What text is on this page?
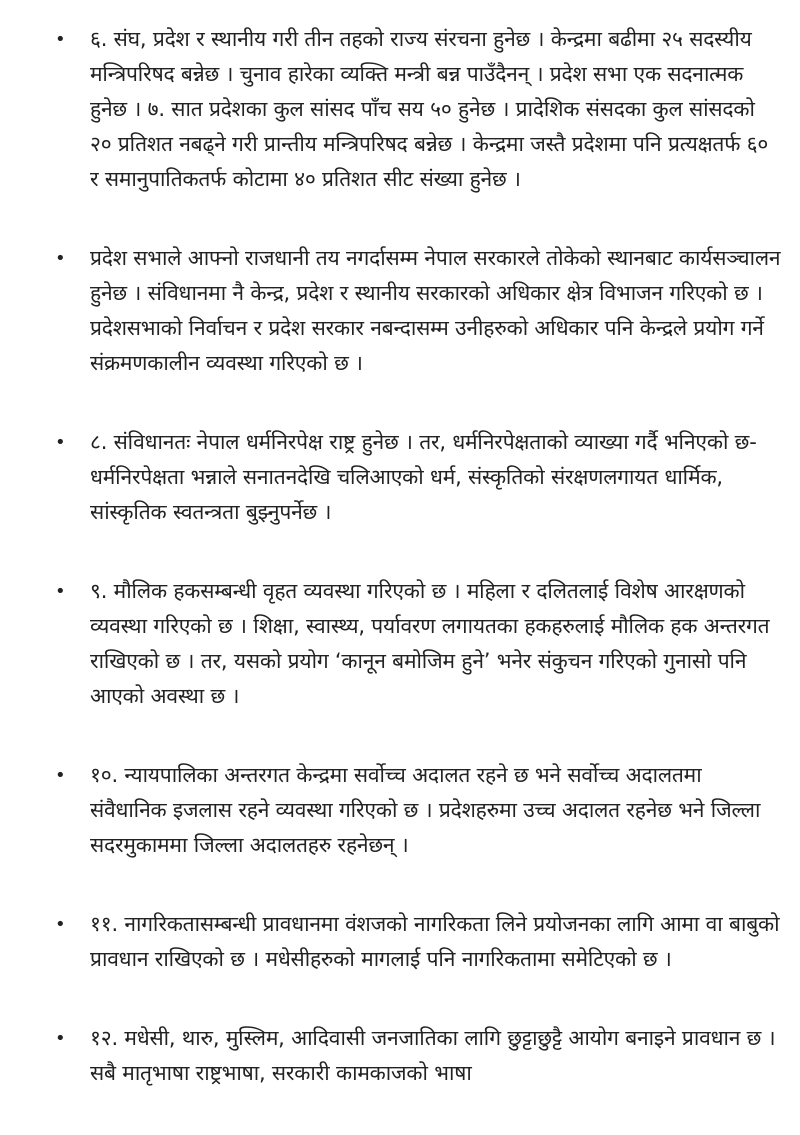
• ६. संघ, प्रदेश र स्थानीय गरी तीन तहको राज्य संरचना हुनेछ । केन्द्रमा बढीमा २५ सदस्यीय मन्त्रिपरिषद बन्नेछ । चुनाव हारेका व्यक्ति मन्त्री बन्न पाउँदैनन् । प्रदेश सभा एक सदनात्मक हुनेछ । ७. सात प्रदेशका कुल सांसद पाँच सय ५० हुनेछ । प्रादेशिक संसदका कुल सांसदको २० प्रतिशत नबढ्ने गरी प्रान्तीय मन्त्रिपरिषद बन्नेछ । केन्द्रमा जस्तै प्रदेशमा पनि प्रत्यक्षतर्फ ६० र समानुपातिकतर्फ कोटामा ४० प्रतिशत सीट संख्या हुनेछ ।
• प्रदेश सभाले आफ्नो राजधानी तय नगर्दासम्म नेपाल सरकारले तोकेको स्थानबाट कार्यसञ्चालन हुनेछ । संविधानमा नै केन्द्र, प्रदेश र स्थानीय सरकारको अधिकार क्षेत्र विभाजन गरिएको छ । प्रदेशसभाको निर्वाचन र प्रदेश सरकार नबन्दासम्म उनीहरुको अधिकार पनि केन्द्रले प्रयोग गर्ने संक्रमणकालीन व्यवस्था गरिएको छ ।
• ८. संविधानतः नेपाल धर्मनिरपेक्ष राष्ट्र हुनेछ । तर, धर्मनिरपेक्षताको व्याख्या गर्दै भनिएको छ- धर्मनिरपेक्षता भन्नाले सनातनदेखि चलिआएको धर्म, संस्कृतिको संरक्षणलगायत धार्मिक, सांस्कृतिक स्वतन्त्रता बुझ्नुपर्नेछ ।
• ९. मौलिक हकसम्बन्धी वृहत व्यवस्था गरिएको छ । महिला र दलितलाई विशेष आरक्षणको व्यवस्था गरिएको छ । शिक्षा, स्वास्थ्य, पर्यावरण लगायतका हकहरुलाई मौलिक हक अन्तरगत राखिएको छ । तर, यसको प्रयोग ‘कानून बमोजिम हुने’ भनेर संकुचन गरिएको गुनासो पनि आएको अवस्था छ ।
• १०. न्यायपालिका अन्तरगत केन्द्रमा सर्वोच्च अदालत रहने छ भने सर्वोच्च अदालतमा संवैधानिक इजलास रहने व्यवस्था गरिएको छ । प्रदेशहरुमा उच्च अदालत रहनेछ भने जिल्ला सदरमुकाममा जिल्ला अदालतहरु रहनेछन् ।
• ११. नागरिकतासम्बन्धी प्रावधानमा वंशजको नागरिकता लिने प्रयोजनका लागि आमा वा बाबुको प्रावधान राखिएको छ । मधेसीहरुको मागलाई पनि नागरिकतामा समेटिएको छ ।
• १२. मधेसी, थारु, मुस्लिम, आदिवासी जनजातिका लागि छुट्टाछुट्टै आयोग बनाइने प्रावधान छ । सबै मातृभाषा राष्ट्रभाषा, सरकारी कामकाजको भाषा
